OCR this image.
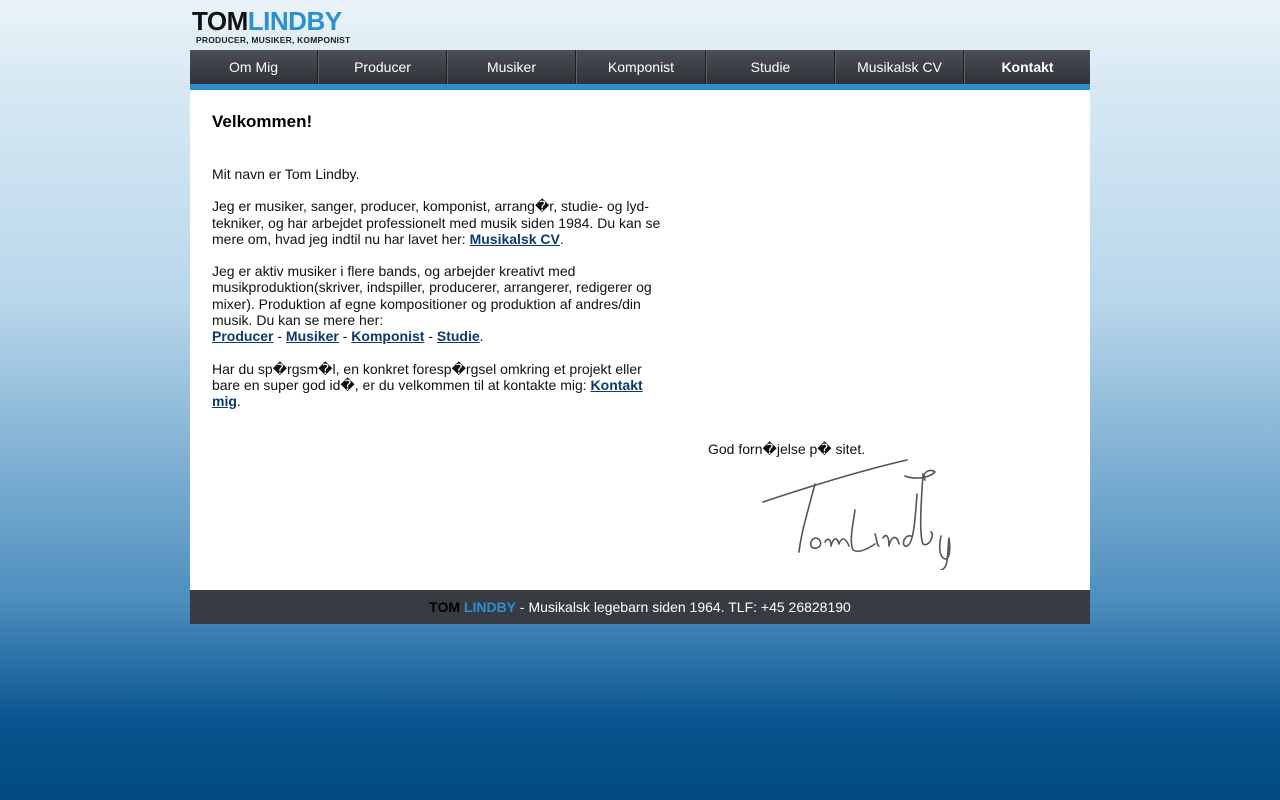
TOMLINDBY
PRODUCER, MUSIKER, KOMPONIST
Om Mig	Producer	Musiker	Komponist	Studie	Musikalsk CV	Kontakt
Velkommen!

Mit navn er Tom Lindby.

Jeg er musiker, sanger, producer, komponist, arrang�r, studie- og lyd-tekniker, og har arbejdet professionelt med musik siden 1984. Du kan se mere om, hvad jeg indtil nu har lavet her: Musikalsk CV.

Jeg er aktiv musiker i flere bands, og arbejder kreativt med musikproduktion(skriver, indspiller, producerer, arrangerer, redigerer og mixer). Produktion af egne kompositioner og produktion af andres/din musik. Du kan se mere her:
Producer - Musiker - Komponist - Studie.

Har du sp�rgsm�l, en konkret foresp�rgsel omkring et projekt eller bare en super god id�, er du velkommen til at kontakte mig: Kontakt mig.

God forn�jelse p� sitet.
TOM LINDBY - Musikalsk legebarn siden 1964. TLF: +45 26828190
